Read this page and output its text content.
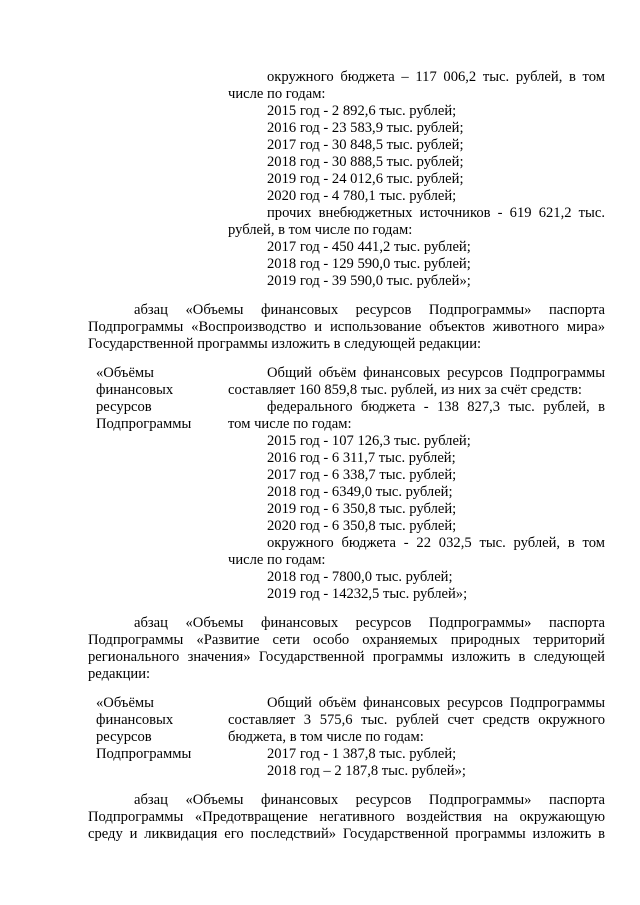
окружного бюджета – 117 006,2 тыс. рублей, в том
числе по годам:
2015 год - 2 892,6 тыс. рублей;
2016 год - 23 583,9 тыс. рублей;
2017 год - 30 848,5 тыс. рублей;
2018 год - 30 888,5 тыс. рублей;
2019 год - 24 012,6 тыс. рублей;
2020 год - 4 780,1 тыс. рублей;
прочих внебюджетных источников - 619 621,2 тыс.
рублей, в том числе по годам:
2017 год - 450 441,2 тыс. рублей;
2018 год - 129 590,0 тыс. рублей;
2019 год - 39 590,0 тыс. рублей»;
абзац «Объемы финансовых ресурсов Подпрограммы» паспорта
Подпрограммы «Воспроизводство и использование объектов животного мира»
Государственной программы изложить в следующей редакции:
«Объёмы
финансовых
ресурсов
Подпрограммы
Общий объём финансовых ресурсов Подпрограммы
составляет 160 859,8 тыс. рублей, из них за счёт средств:
федерального бюджета - 138 827,3 тыс. рублей, в
том числе по годам:
2015 год - 107 126,3 тыс. рублей;
2016 год - 6 311,7 тыс. рублей;
2017 год - 6 338,7 тыс. рублей;
2018 год - 6349,0 тыс. рублей;
2019 год - 6 350,8 тыс. рублей;
2020 год - 6 350,8 тыс. рублей;
окружного бюджета - 22 032,5 тыс. рублей, в том
числе по годам:
2018 год - 7800,0 тыс. рублей;
2019 год - 14232,5 тыс. рублей»;
абзац «Объемы финансовых ресурсов Подпрограммы» паспорта
Подпрограммы «Развитие сети особо охраняемых природных территорий
регионального значения» Государственной программы изложить в следующей
редакции:
«Объёмы
финансовых
ресурсов
Подпрограммы
Общий объём финансовых ресурсов Подпрограммы
составляет 3 575,6 тыс. рублей счет средств окружного
бюджета, в том числе по годам:
2017 год - 1 387,8 тыс. рублей;
2018 год – 2 187,8 тыс. рублей»;
абзац «Объемы финансовых ресурсов Подпрограммы» паспорта
Подпрограммы «Предотвращение негативного воздействия на окружающую
среду и ликвидация его последствий» Государственной программы изложить в
